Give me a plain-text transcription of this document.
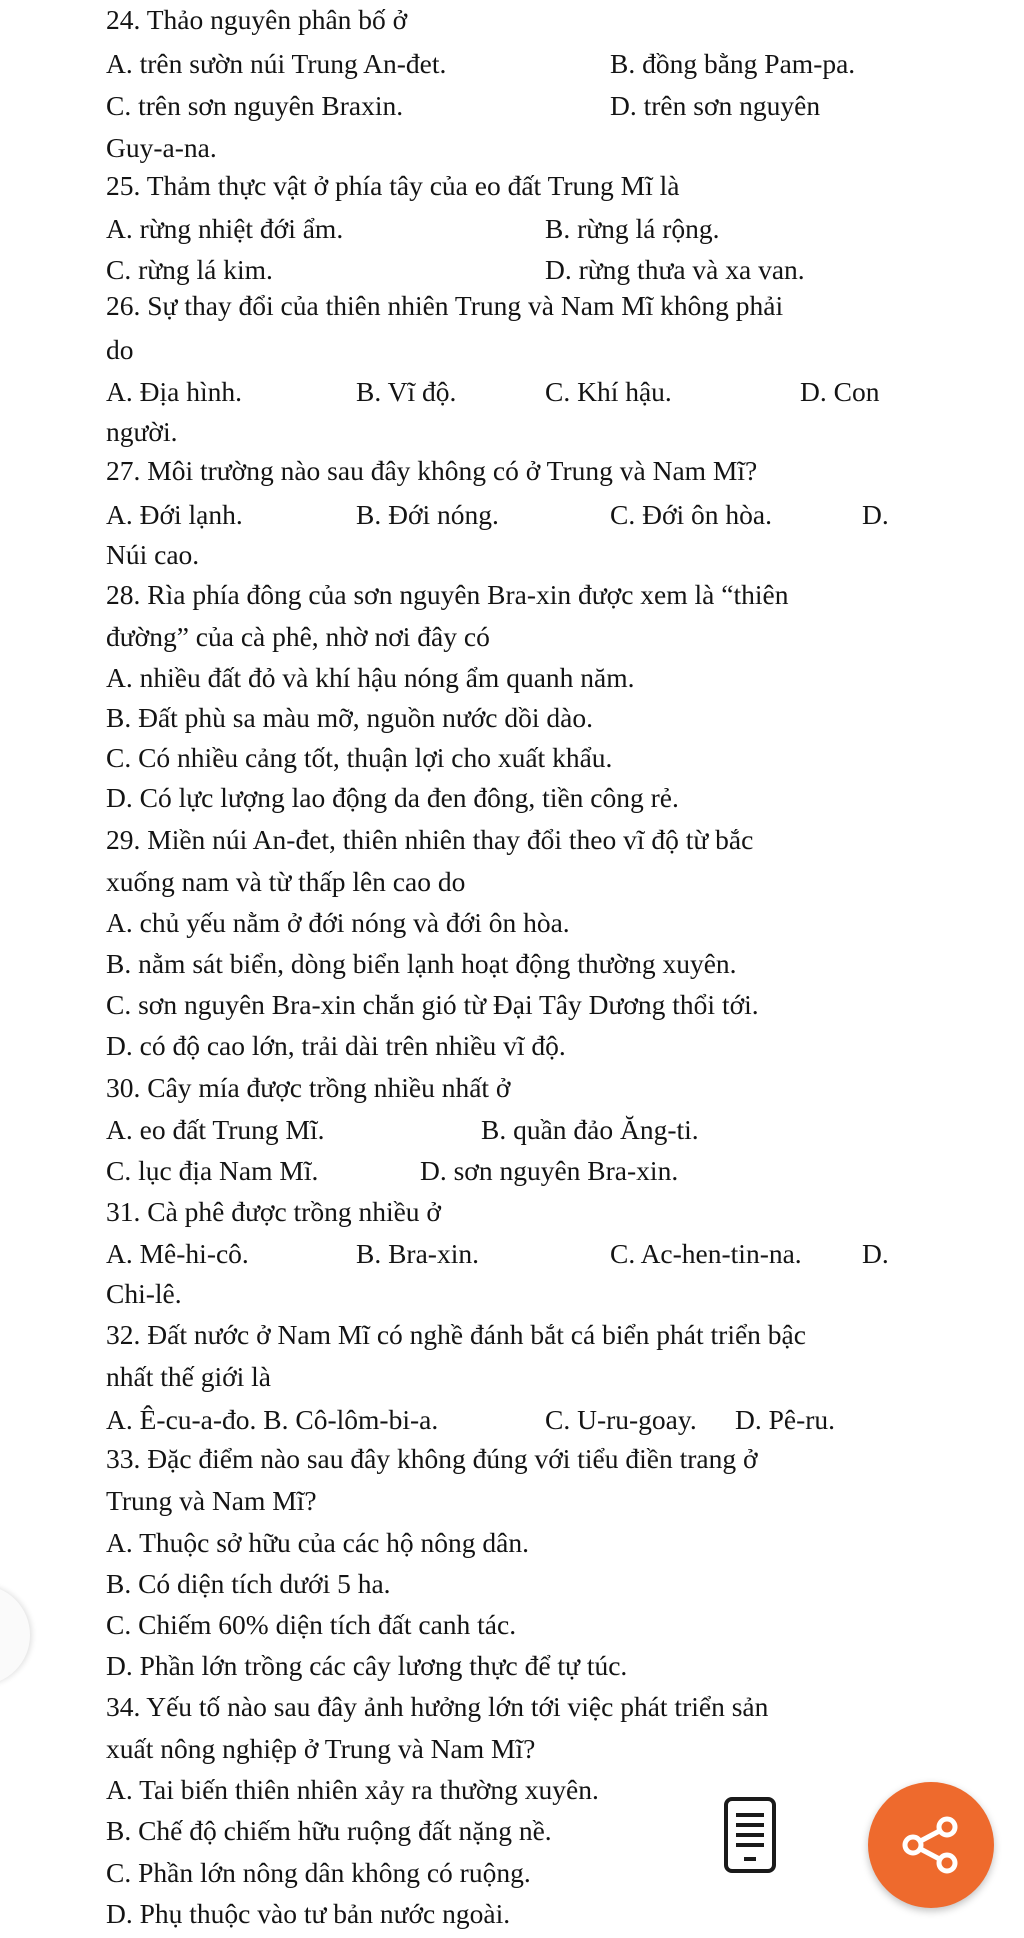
24. Thảo nguyên phân bố ở
A. trên sườn núi Trung An-đet.	B. đồng bằng Pam-pa.
C. trên sơn nguyên Braxin.	D. trên sơn nguyên
Guy-a-na.
25. Thảm thực vật ở phía tây của eo đất Trung Mĩ là
A. rừng nhiệt đới ẩm.	B. rừng lá rộng.
C. rừng lá kim.	D. rừng thưa và xa van.
26. Sự thay đổi của thiên nhiên Trung và Nam Mĩ không phải
do
A. Địa hình.	B. Vĩ độ.	C. Khí hậu.	D. Con
người.
27. Môi trường nào sau đây không có ở Trung và Nam Mĩ?
A. Đới lạnh.	B. Đới nóng.	C. Đới ôn hòa.	D.
Núi cao.
28. Rìa phía đông của sơn nguyên Bra-xin được xem là “thiên
đường” của cà phê, nhờ nơi đây có
A. nhiều đất đỏ và khí hậu nóng ẩm quanh năm.
B. Đất phù sa màu mỡ, nguồn nước dồi dào.
C. Có nhiều cảng tốt, thuận lợi cho xuất khẩu.
D. Có lực lượng lao động da đen đông, tiền công rẻ.
29. Miền núi An-đet, thiên nhiên thay đổi theo vĩ độ từ bắc
xuống nam và từ thấp lên cao do
A. chủ yếu nằm ở đới nóng và đới ôn hòa.
B. nằm sát biển, dòng biển lạnh hoạt động thường xuyên.
C. sơn nguyên Bra-xin chắn gió từ Đại Tây Dương thổi tới.
D. có độ cao lớn, trải dài trên nhiều vĩ độ.
30. Cây mía được trồng nhiều nhất ở
A. eo đất Trung Mĩ.	B. quần đảo Ăng-ti.
C. lục địa Nam Mĩ.	D. sơn nguyên Bra-xin.
31. Cà phê được trồng nhiều ở
A. Mê-hi-cô.	B. Bra-xin.	C. Ac-hen-tin-na. D.
Chi-lê.
32. Đất nước ở Nam Mĩ có nghề đánh bắt cá biển phát triển bậc
nhất thế giới là
A. Ê-cu-a-đo. B. Cô-lôm-bi-a.	C. U-ru-goay. D. Pê-ru.
33. Đặc điểm nào sau đây không đúng với tiểu điền trang ở
Trung và Nam Mĩ?
A. Thuộc sở hữu của các hộ nông dân.
B. Có diện tích dưới 5 ha.
C. Chiếm 60% diện tích đất canh tác.
D. Phần lớn trồng các cây lương thực để tự túc.
34. Yếu tố nào sau đây ảnh hưởng lớn tới việc phát triển sản
xuất nông nghiệp ở Trung và Nam Mĩ?
A. Tai biến thiên nhiên xảy ra thường xuyên.
B. Chế độ chiếm hữu ruộng đất nặng nề.
C. Phần lớn nông dân không có ruộng.
D. Phụ thuộc vào tư bản nước ngoài.
